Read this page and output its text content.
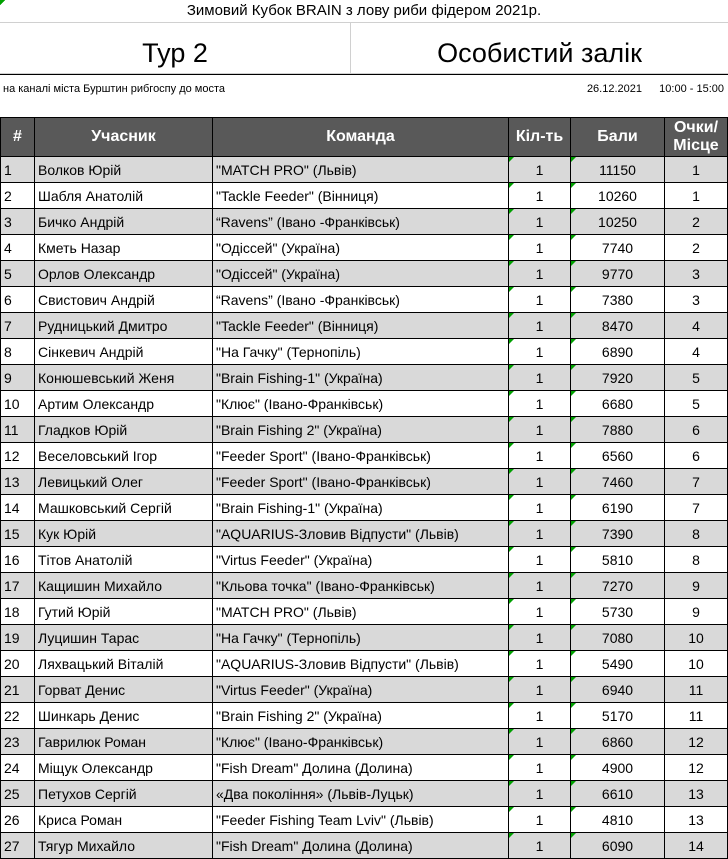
Зимовий Кубок BRAIN з лову риби фідером 2021р.
Тур 2	Особистий залік
на каналі міста Бурштин рибгоспу до моста	26.12.2021	10:00 - 15:00
#	Учасник	Команда	Кіл-ть	Бали	Очки/ Місце
1	Волков Юрій	"MATCH PRO" (Львів)	1	11150	1
2	Шабля Анатолій	"Tackle Feeder" (Вінниця)	1	10260	1
3	Бичко Андрій	“Ravens” (Івано -Франківськ)	1	10250	2
4	Кметь Назар	"Одіссей" (Україна)	1	7740	2
5	Орлов Олександр	"Одіссей" (Україна)	1	9770	3
6	Свистович Андрій	“Ravens” (Івано -Франківськ)	1	7380	3
7	Рудницький Дмитро	"Tackle Feeder" (Вінниця)	1	8470	4
8	Сінкевич Андрій	"На Гачку" (Тернопіль)	1	6890	4
9	Конюшевський Женя	"Brain Fishing-1" (Україна)	1	7920	5
10	Артим Олександр	"Клює" (Івано-Франківськ)	1	6680	5
11	Гладков Юрій	"Brain Fishing 2" (Україна)	1	7880	6
12	Веселовський Ігор	"Feeder Sport" (Івано-Франківськ)	1	6560	6
13	Левицький Олег	"Feeder Sport" (Івано-Франківськ)	1	7460	7
14	Машковський Сергій	"Brain Fishing-1" (Україна)	1	6190	7
15	Кук Юрій	"AQUARIUS-Зловив Відпусти" (Львів)	1	7390	8
16	Тітов Анатолій	"Virtus Feeder" (Україна)	1	5810	8
17	Кащишин Михайло	"Кльова точка" (Івано-Франківськ)	1	7270	9
18	Гутий Юрій	"MATCH PRO" (Львів)	1	5730	9
19	Луцишин Тарас	"На Гачку" (Тернопіль)	1	7080	10
20	Ляхвацький Віталій	"AQUARIUS-Зловив Відпусти" (Львів)	1	5490	10
21	Горват Денис	"Virtus Feeder" (Україна)	1	6940	11
22	Шинкарь Денис	"Brain Fishing 2" (Україна)	1	5170	11
23	Гаврилюк Роман	"Клює" (Івано-Франківськ)	1	6860	12
24	Міщук Олександр	"Fish Dream" Долина (Долина)	1	4900	12
25	Петухов Сергій	«Два покоління» (Львів-Луцьк)	1	6610	13
26	Криса Роман	"Feeder Fishing Team Lviv" (Львів)	1	4810	13
27	Тягур Михайло	"Fish Dream" Долина (Долина)	1	6090	14
